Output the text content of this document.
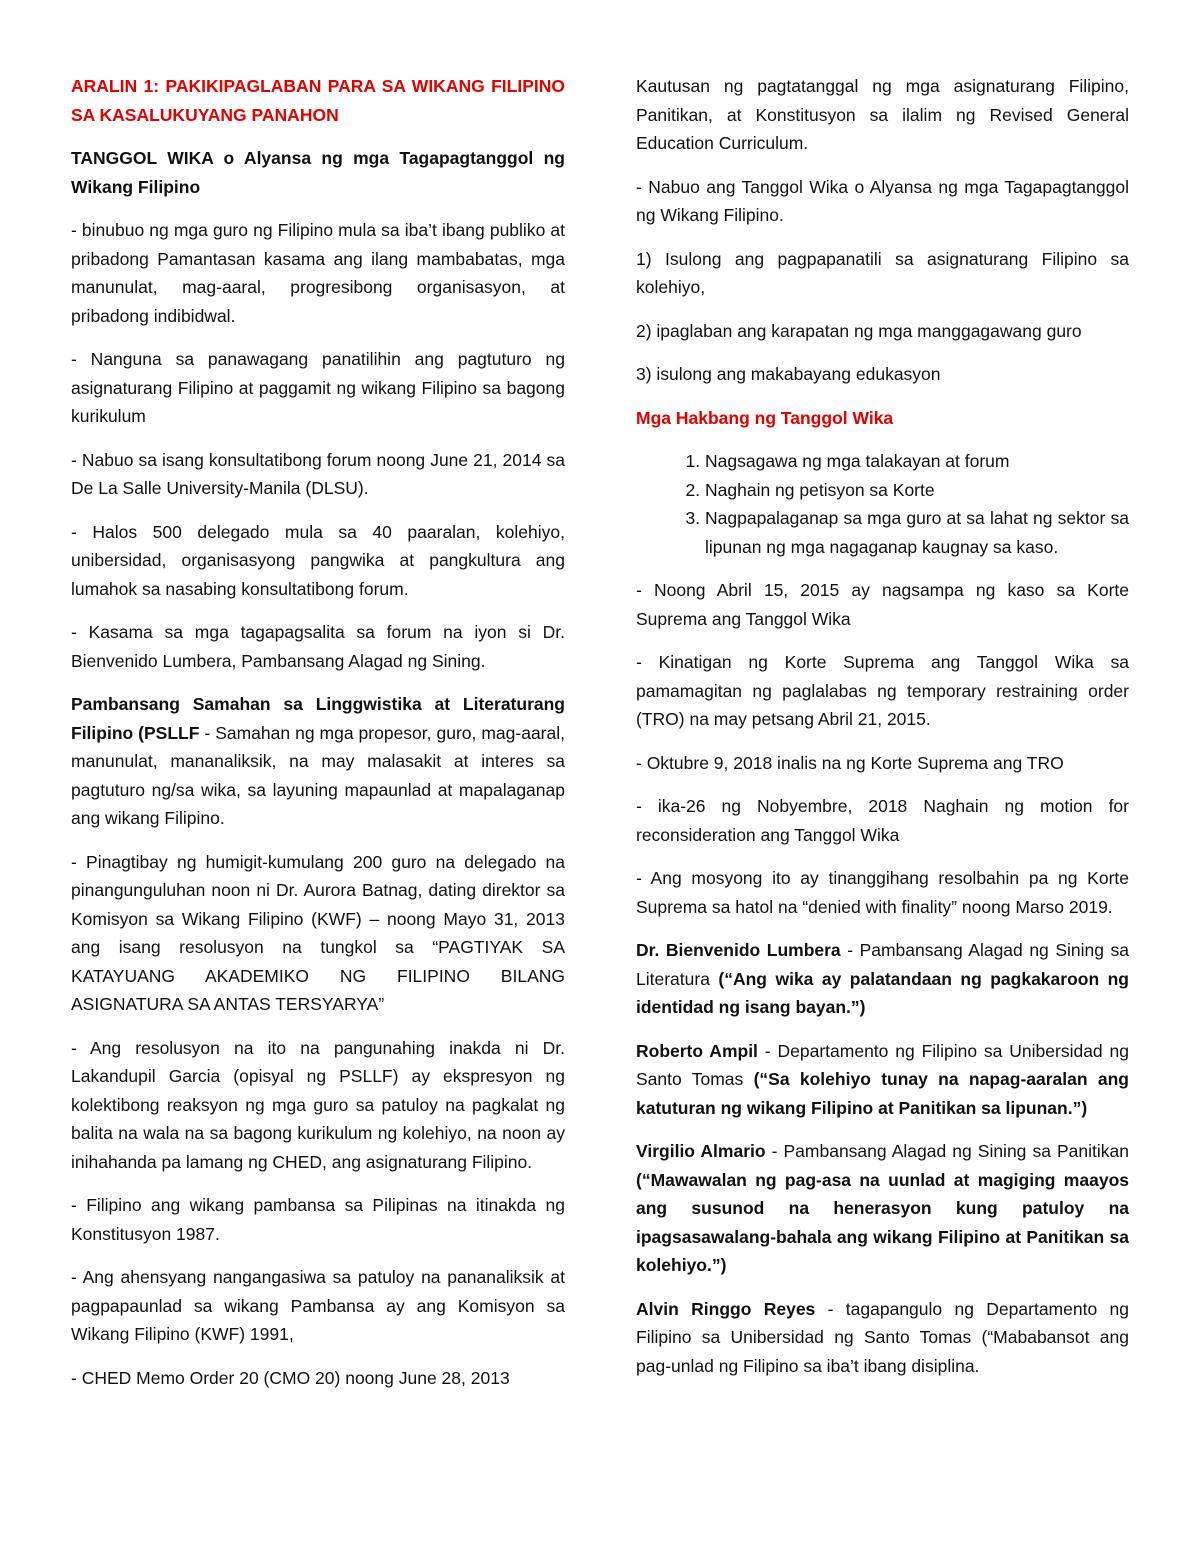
ARALIN 1: PAKIKIPAGLABAN PARA SA WIKANG FILIPINO SA KASALUKUYANG PANAHON

TANGGOL WIKA o Alyansa ng mga Tagapagtanggol ng Wikang Filipino

- binubuo ng mga guro ng Filipino mula sa iba’t ibang publiko at pribadong Pamantasan kasama ang ilang mambabatas, mga manunulat, mag-aaral, progresibong organisasyon, at pribadong indibidwal.

- Nanguna sa panawagang panatilihin ang pagtuturo ng asignaturang Filipino at paggamit ng wikang Filipino sa bagong kurikulum

- Nabuo sa isang konsultatibong forum noong June 21, 2014 sa De La Salle University-Manila (DLSU).

- Halos 500 delegado mula sa 40 paaralan, kolehiyo, unibersidad, organisasyong pangwika at pangkultura ang lumahok sa nasabing konsultatibong forum.

- Kasama sa mga tagapagsalita sa forum na iyon si Dr. Bienvenido Lumbera, Pambansang Alagad ng Sining.

Pambansang Samahan sa Linggwistika at Literaturang Filipino (PSLLF - Samahan ng mga propesor, guro, mag-aaral, manunulat, mananaliksik, na may malasakit at interes sa pagtuturo ng/sa wika, sa layuning mapaunlad at mapalaganap ang wikang Filipino.

- Pinagtibay ng humigit-kumulang 200 guro na delegado na pinangunguluhan noon ni Dr. Aurora Batnag, dating direktor sa Komisyon sa Wikang Filipino (KWF) – noong Mayo 31, 2013 ang isang resolusyon na tungkol sa “PAGTIYAK SA KATAYUANG AKADEMIKO NG FILIPINO BILANG ASIGNATURA SA ANTAS TERSYARYA”

- Ang resolusyon na ito na pangunahing inakda ni Dr. Lakandupil Garcia (opisyal ng PSLLF) ay ekspresyon ng kolektibong reaksyon ng mga guro sa patuloy na pagkalat ng balita na wala na sa bagong kurikulum ng kolehiyo, na noon ay inihahanda pa lamang ng CHED, ang asignaturang Filipino.

- Filipino ang wikang pambansa sa Pilipinas na itinakda ng Konstitusyon 1987.

- Ang ahensyang nangangasiwa sa patuloy na pananaliksik at pagpapaunlad sa wikang Pambansa ay ang Komisyon sa Wikang Filipino (KWF) 1991,

- CHED Memo Order 20 (CMO 20) noong June 28, 2013

Kautusan ng pagtatanggal ng mga asignaturang Filipino, Panitikan, at Konstitusyon sa ilalim ng Revised General Education Curriculum.

- Nabuo ang Tanggol Wika o Alyansa ng mga Tagapagtanggol ng Wikang Filipino.

1) Isulong ang pagpapanatili sa asignaturang Filipino sa kolehiyo,

2) ipaglaban ang karapatan ng mga manggagawang guro

3) isulong ang makabayang edukasyon

Mga Hakbang ng Tanggol Wika

1. Nagsagawa ng mga talakayan at forum
2. Naghain ng petisyon sa Korte
3. Nagpapalaganap sa mga guro at sa lahat ng sektor sa lipunan ng mga nagaganap kaugnay sa kaso.

- Noong Abril 15, 2015 ay nagsampa ng kaso sa Korte Suprema ang Tanggol Wika

- Kinatigan ng Korte Suprema ang Tanggol Wika sa pamamagitan ng paglalabas ng temporary restraining order (TRO) na may petsang Abril 21, 2015.

- Oktubre 9, 2018 inalis na ng Korte Suprema ang TRO

- ika-26 ng Nobyembre, 2018 Naghain ng motion for reconsideration ang Tanggol Wika

- Ang mosyong ito ay tinanggihang resolbahin pa ng Korte Suprema sa hatol na “denied with finality” noong Marso 2019.

Dr. Bienvenido Lumbera - Pambansang Alagad ng Sining sa Literatura (“Ang wika ay palatandaan ng pagkakaroon ng identidad ng isang bayan.”)

Roberto Ampil - Departamento ng Filipino sa Unibersidad ng Santo Tomas (“Sa kolehiyo tunay na napag-aaralan ang katuturan ng wikang Filipino at Panitikan sa lipunan.”)

Virgilio Almario - Pambansang Alagad ng Sining sa Panitikan (“Mawawalan ng pag-asa na uunlad at magiging maayos ang susunod na henerasyon kung patuloy na ipagsasawalang-bahala ang wikang Filipino at Panitikan sa kolehiyo.”)

Alvin Ringgo Reyes - tagapangulo ng Departamento ng Filipino sa Unibersidad ng Santo Tomas (“Mababansot ang pag-unlad ng Filipino sa iba’t ibang disiplina.
